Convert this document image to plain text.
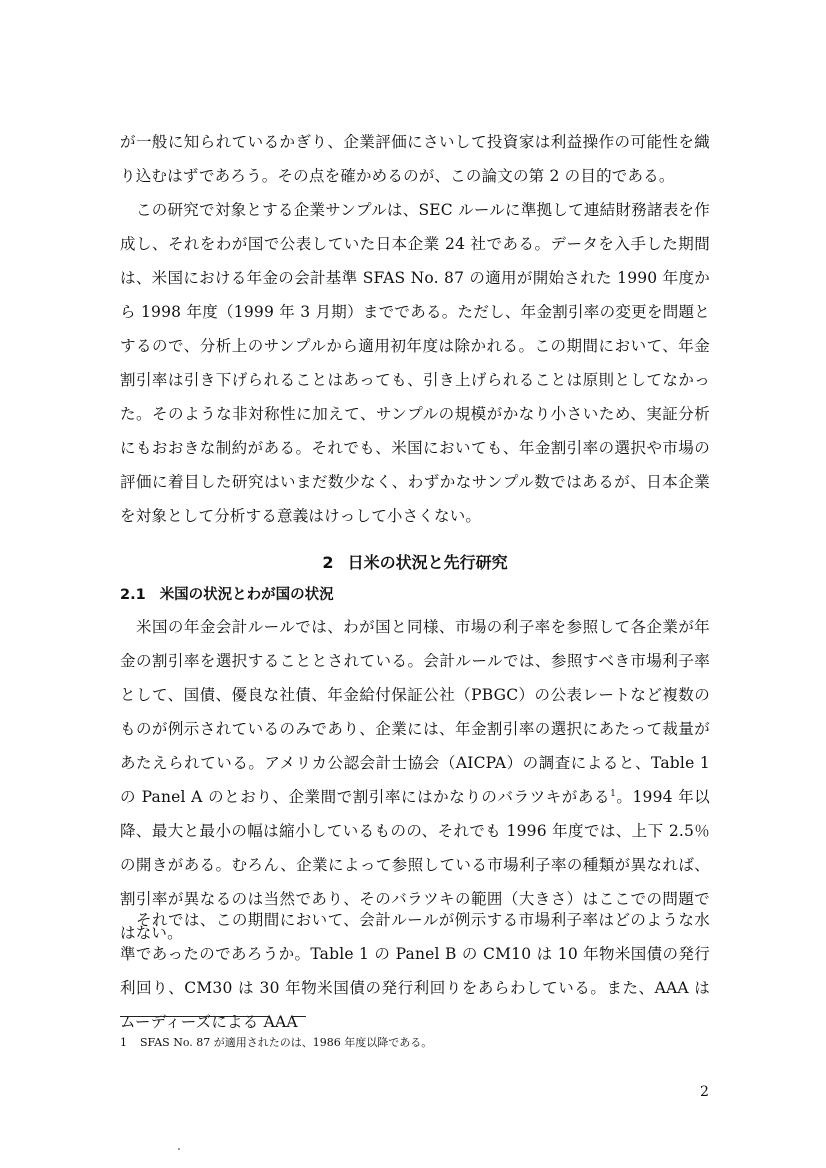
が一般に知られているかぎり、企業評価にさいして投資家は利益操作の可能性を織り込むはずであろう。その点を確かめるのが、この論文の第 2 の目的である。

この研究で対象とする企業サンプルは、SEC ルールに準拠して連結財務諸表を作成し、それをわが国で公表していた日本企業 24 社である。データを入手した期間は、米国における年金の会計基準 SFAS No. 87 の適用が開始された 1990 年度から 1998 年度（1999 年 3 月期）までである。ただし、年金割引率の変更を問題とするので、分析上のサンプルから適用初年度は除かれる。この期間において、年金割引率は引き下げられることはあっても、引き上げられることは原則としてなかった。そのような非対称性に加えて、サンプルの規模がかなり小さいため、実証分析にもおおきな制約がある。それでも、米国においても、年金割引率の選択や市場の評価に着目した研究はいまだ数少なく、わずかなサンプル数ではあるが、日本企業を対象として分析する意義はけっして小さくない。

2 日米の状況と先行研究
2.1 米国の状況とわが国の状況

米国の年金会計ルールでは、わが国と同様、市場の利子率を参照して各企業が年金の割引率を選択することとされている。会計ルールでは、参照すべき市場利子率として、国債、優良な社債、年金給付保証公社（PBGC）の公表レートなど複数のものが例示されているのみであり、企業には、年金割引率の選択にあたって裁量があたえられている。アメリカ公認会計士協会（AICPA）の調査によると、Table 1 の Panel A のとおり、企業間で割引率にはかなりのバラツキがある$^1$。1994 年以降、最大と最小の幅は縮小しているものの、それでも 1996 年度では、上下 2.5％の開きがある。むろん、企業によって参照している市場利子率の種類が異なれば、割引率が異なるのは当然であり、そのバラツキの範囲（大きさ）はここでの問題ではない。

それでは、この期間において、会計ルールが例示する市場利子率はどのような水準であったのであろうか。Table 1 の Panel B の CM10 は 10 年物米国債の発行利回り、CM30 は 30 年物米国債の発行利回りをあらわしている。また、AAA はムーディーズによる AAA

1 SFAS No. 87 が適用されたのは、1986 年度以降である。

2
